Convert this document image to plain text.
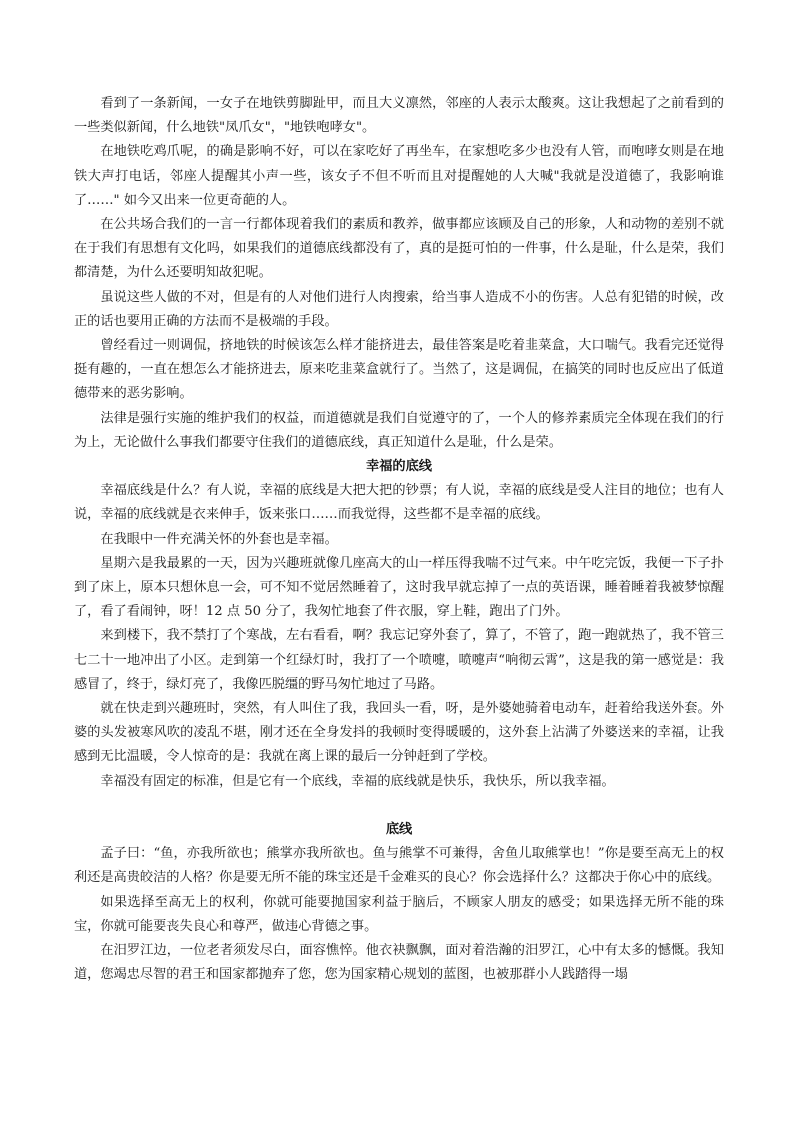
看到了一条新闻，一女子在地铁剪脚趾甲，而且大义凛然，邻座的人表示太酸爽。这让我想起了之前看到的一些类似新闻，什么地铁"凤爪女"，"地铁咆哮女"。

在地铁吃鸡爪呢，的确是影响不好，可以在家吃好了再坐车，在家想吃多少也没有人管，而咆哮女则是在地铁大声打电话，邻座人提醒其小声一些，该女子不但不听而且对提醒她的人大喊"我就是没道德了，我影响谁了……" 如今又出来一位更奇葩的人。

在公共场合我们的一言一行都体现着我们的素质和教养，做事都应该顾及自己的形象，人和动物的差别不就在于我们有思想有文化吗，如果我们的道德底线都没有了，真的是挺可怕的一件事，什么是耻，什么是荣，我们都清楚，为什么还要明知故犯呢。

虽说这些人做的不对，但是有的人对他们进行人肉搜索，给当事人造成不小的伤害。人总有犯错的时候，改正的话也要用正确的方法而不是极端的手段。

曾经看过一则调侃，挤地铁的时候该怎么样才能挤进去，最佳答案是吃着韭菜盒，大口喘气。我看完还觉得挺有趣的，一直在想怎么才能挤进去，原来吃韭菜盒就行了。当然了，这是调侃，在搞笑的同时也反应出了低道德带来的恶劣影响。

法律是强行实施的维护我们的权益，而道德就是我们自觉遵守的了，一个人的修养素质完全体现在我们的行为上，无论做什么事我们都要守住我们的道德底线，真正知道什么是耻，什么是荣。

幸福的底线

幸福底线是什么？有人说，幸福的底线是大把大把的钞票；有人说，幸福的底线是受人注目的地位；也有人说，幸福的底线就是衣来伸手，饭来张口……而我觉得，这些都不是幸福的底线。

在我眼中一件充满关怀的外套也是幸福。

星期六是我最累的一天，因为兴趣班就像几座高大的山一样压得我喘不过气来。中午吃完饭，我便一下子扑到了床上，原本只想休息一会，可不知不觉居然睡着了，这时我早就忘掉了一点的英语课，睡着睡着我被梦惊醒了，看了看闹钟，呀！12 点 50 分了，我匆忙地套了件衣服，穿上鞋，跑出了门外。

来到楼下，我不禁打了个寒战，左右看看，啊？我忘记穿外套了，算了，不管了，跑一跑就热了，我不管三七二十一地冲出了小区。走到第一个红绿灯时，我打了一个喷嚏，喷嚏声“响彻云霄”，这是我的第一感觉是：我感冒了，终于，绿灯亮了，我像匹脱缰的野马匆忙地过了马路。

就在快走到兴趣班时，突然，有人叫住了我，我回头一看，呀，是外婆她骑着电动车，赶着给我送外套。外婆的头发被寒风吹的凌乱不堪，刚才还在全身发抖的我顿时变得暖暖的，这外套上沾满了外婆送来的幸福，让我感到无比温暖，令人惊奇的是：我就在离上课的最后一分钟赶到了学校。

幸福没有固定的标准，但是它有一个底线，幸福的底线就是快乐，我快乐，所以我幸福。

底线

孟子曰：“鱼，亦我所欲也；熊掌亦我所欲也。鱼与熊掌不可兼得，舍鱼儿取熊掌也！”你是要至高无上的权利还是高贵皎洁的人格？你是要无所不能的珠宝还是千金难买的良心？你会选择什么？这都决于你心中的底线。

如果选择至高无上的权利，你就可能要抛国家利益于脑后，不顾家人朋友的感受；如果选择无所不能的珠宝，你就可能要丧失良心和尊严，做违心背德之事。

在汨罗江边，一位老者须发尽白，面容憔悴。他衣袂飘飘，面对着浩瀚的汨罗江，心中有太多的憾慨。我知道，您竭忠尽智的君王和国家都抛弃了您，您为国家精心规划的蓝图，也被那群小人践踏得一塌
